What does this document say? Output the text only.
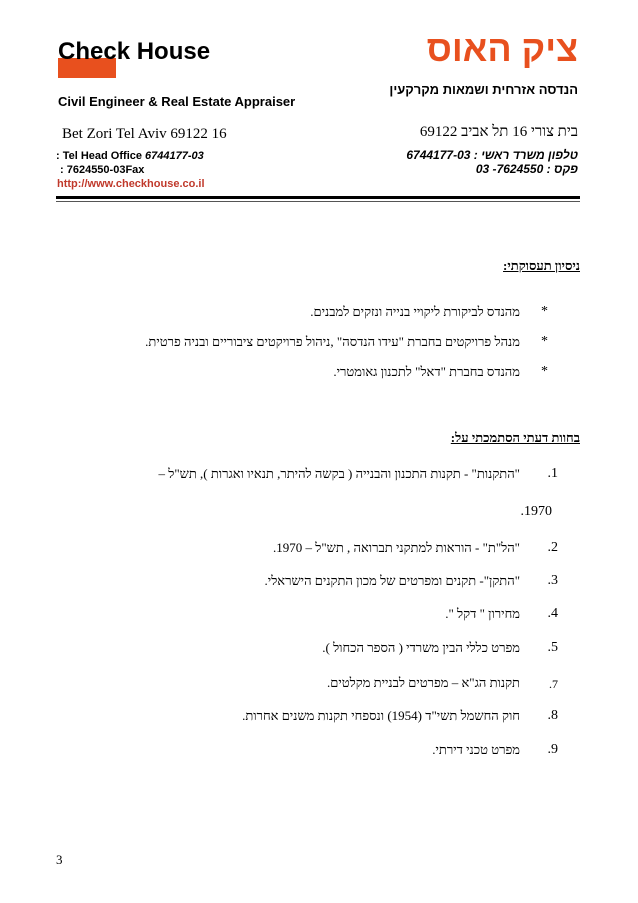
Check House	ציק האוס
Civil Engineer & Real Estate Appraiser
הנדסה אזרחית ושמאות מקרקעין
Bet Zori Tel Aviv 69122 16	בית צורי 16 תל אביב 69122
: Tel Head Office 6744177-03
: 7624550-03Fax
http://www.checkhouse.co.il
טלפון משרד ראשי : 6744177-03
פקס : 7624550- 03
ניסיון תעסוקתי:
*
מהנדס לביקורת ליקויי בנייה ונזקים למבנים.
*
מנהל פרויקטים בחברת "עידו הנדסה" ,ניהול פרויקטים ציבוריים ובניה פרטית.
*
מהנדס בחברת "דאל" לתכנון גאומטרי.
בחוות דעתי הסתמכתי על:
.1
"התקנות" - תקנות התכנון והבנייה ( בקשה להיתר, תנאיו ואגרות ), תש"ל –
.1970
.2
"הל"ת" - הוראות למתקני תברואה , תש"ל – 1970.
.3
"התקן"- תקנים ומפרטים של מכון התקנים הישראלי.
.4
מחירון " דקל ".
.5
מפרט כללי הבין משרדי ( הספר הכחול ).
.7
תקנות הג"א – מפרטים לבניית מקלטים.
.8
חוק החשמל תשי"ד (1954) ונספחי תקנות משנים אחרות.
.9
מפרט טכני דירתי.
3
